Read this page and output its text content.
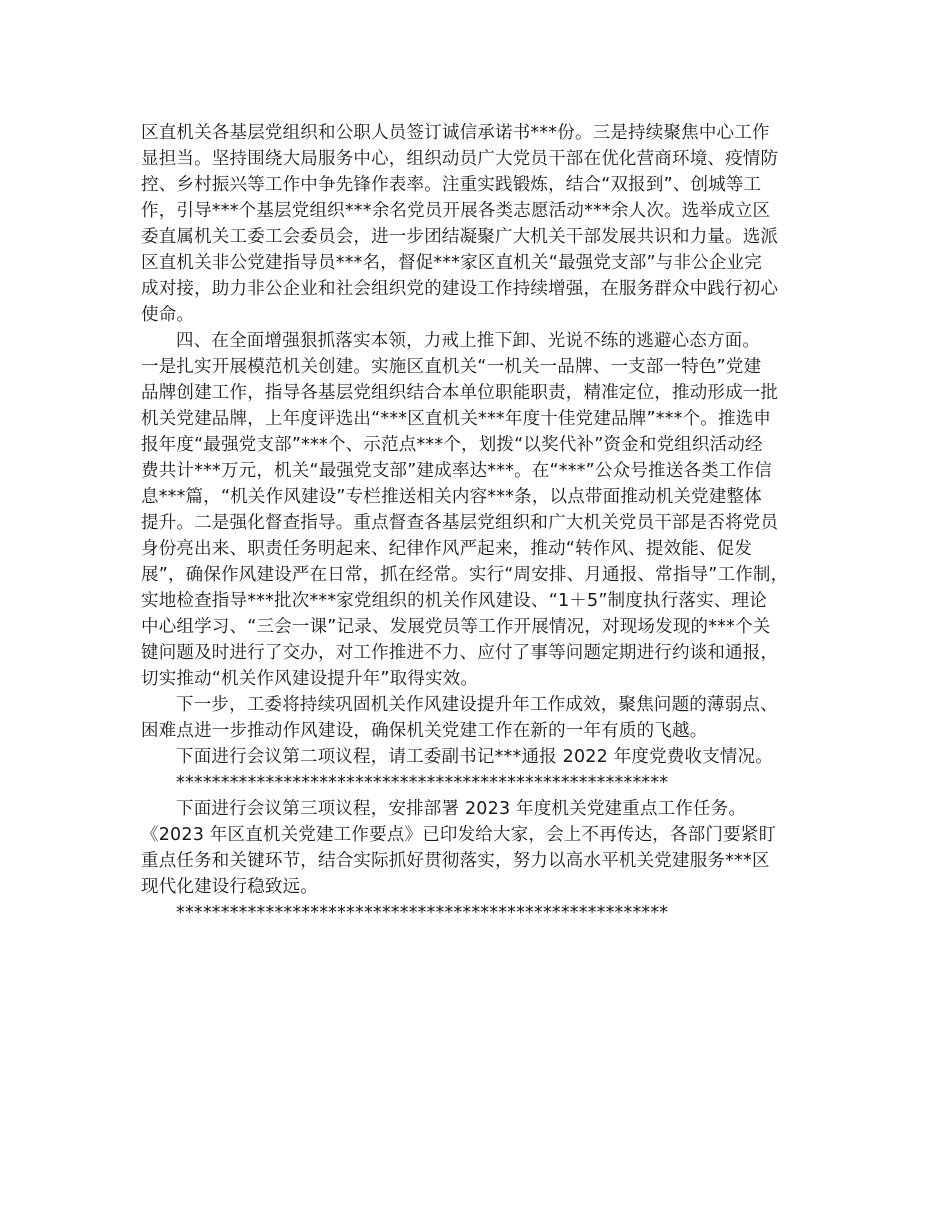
区直机关各基层党组织和公职人员签订诚信承诺书***份。三是持续聚焦中心工作
显担当。坚持围绕大局服务中心，组织动员广大党员干部在优化营商环境、疫情防
控、乡村振兴等工作中争先锋作表率。注重实践锻炼，结合“双报到”、创城等工
作，引导***个基层党组织***余名党员开展各类志愿活动***余人次。选举成立区
委直属机关工委工会委员会，进一步团结凝聚广大机关干部发展共识和力量。选派
区直机关非公党建指导员***名，督促***家区直机关“最强党支部”与非公企业完
成对接，助力非公企业和社会组织党的建设工作持续增强，在服务群众中践行初心
使命。
四、在全面增强狠抓落实本领，力戒上推下卸、光说不练的逃避心态方面。
一是扎实开展模范机关创建。实施区直机关“一机关一品牌、一支部一特色”党建
品牌创建工作，指导各基层党组织结合本单位职能职责，精准定位，推动形成一批
机关党建品牌，上年度评选出“***区直机关***年度十佳党建品牌”***个。推选申
报年度“最强党支部”***个、示范点***个，划拨“以奖代补”资金和党组织活动经
费共计***万元，机关“最强党支部”建成率达***。在“***”公众号推送各类工作信
息***篇，“机关作风建设”专栏推送相关内容***条，以点带面推动机关党建整体
提升。二是强化督查指导。重点督查各基层党组织和广大机关党员干部是否将党员
身份亮出来、职责任务明起来、纪律作风严起来，推动“转作风、提效能、促发
展”，确保作风建设严在日常，抓在经常。实行“周安排、月通报、常指导”工作制，
实地检查指导***批次***家党组织的机关作风建设、“1＋5”制度执行落实、理论
中心组学习、“三会一课”记录、发展党员等工作开展情况，对现场发现的***个关
键问题及时进行了交办，对工作推进不力、应付了事等问题定期进行约谈和通报，
切实推动“机关作风建设提升年”取得实效。
下一步，工委将持续巩固机关作风建设提升年工作成效，聚焦问题的薄弱点、
困难点进一步推动作风建设，确保机关党建工作在新的一年有质的飞越。
下面进行会议第二项议程，请工委副书记***通报 2022 年度党费收支情况。
*******************************************************
下面进行会议第三项议程，安排部署 2023 年度机关党建重点工作任务。
《2023 年区直机关党建工作要点》已印发给大家，会上不再传达，各部门要紧盯
重点任务和关键环节，结合实际抓好贯彻落实，努力以高水平机关党建服务***区
现代化建设行稳致远。
*******************************************************
